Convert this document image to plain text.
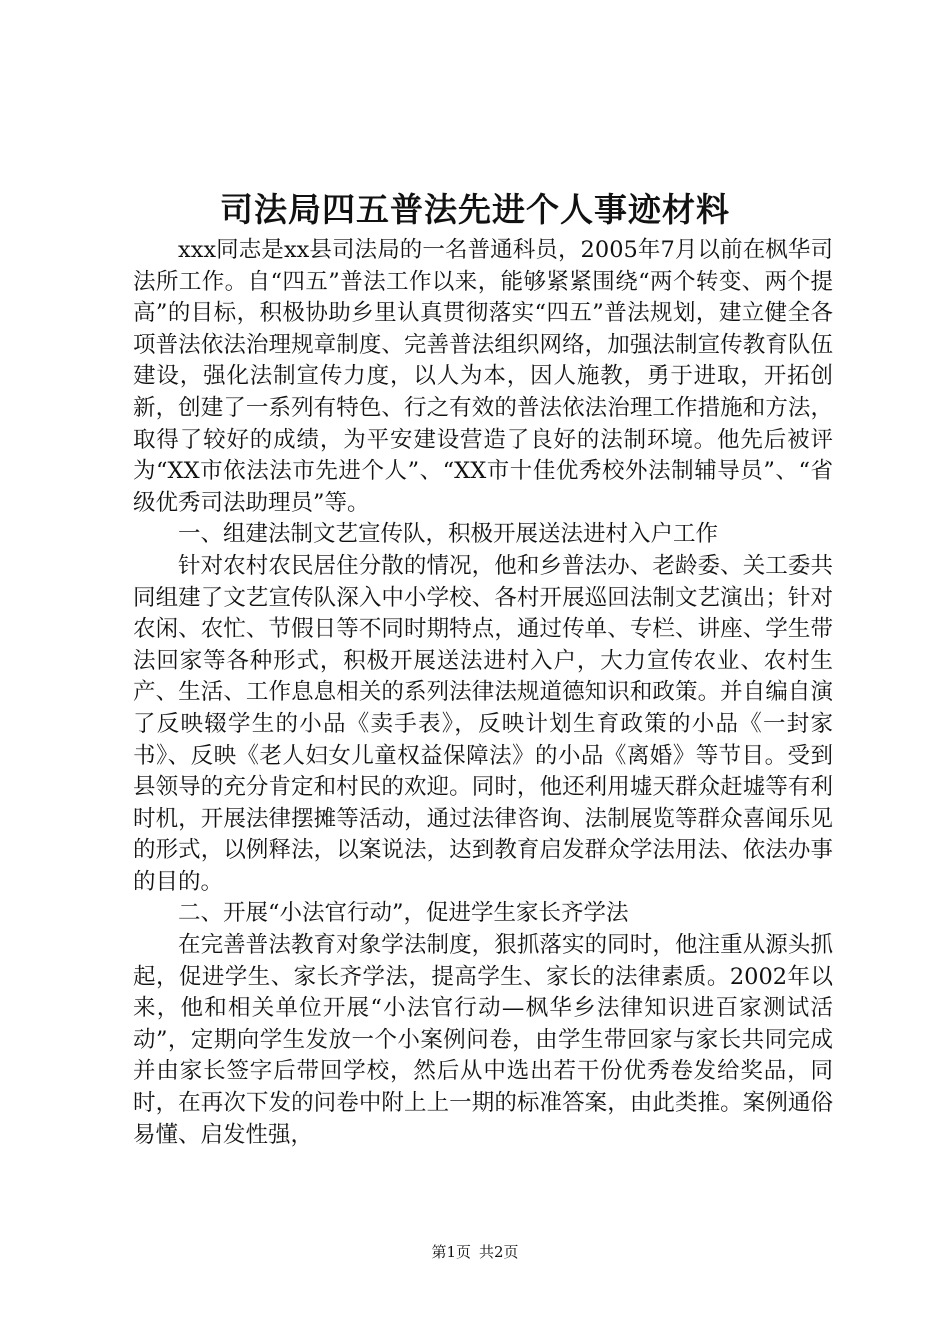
司法局四五普法先进个人事迹材料

xxx同志是xx县司法局的一名普通科员，2005年7月以前在枫华司法所工作。自“四五”普法工作以来，能够紧紧围绕“两个转变、两个提高”的目标，积极协助乡里认真贯彻落实“四五”普法规划，建立健全各项普法依法治理规章制度、完善普法组织网络，加强法制宣传教育队伍建设，强化法制宣传力度，以人为本，因人施教，勇于进取，开拓创新，创建了一系列有特色、行之有效的普法依法治理工作措施和方法，取得了较好的成绩，为平安建设营造了良好的法制环境。他先后被评为“XX市依法法市先进个人”、“XX市十佳优秀校外法制辅导员”、“省级优秀司法助理员”等。

一、组建法制文艺宣传队，积极开展送法进村入户工作

针对农村农民居住分散的情况，他和乡普法办、老龄委、关工委共同组建了文艺宣传队深入中小学校、各村开展巡回法制文艺演出；针对农闲、农忙、节假日等不同时期特点，通过传单、专栏、讲座、学生带法回家等各种形式，积极开展送法进村入户，大力宣传农业、农村生产、生活、工作息息相关的系列法律法规道德知识和政策。并自编自演了反映辍学生的小品《卖手表》，反映计划生育政策的小品《一封家书》、反映《老人妇女儿童权益保障法》的小品《离婚》等节目。受到县领导的充分肯定和村民的欢迎。同时，他还利用墟天群众赶墟等有利时机，开展法律摆摊等活动，通过法律咨询、法制展览等群众喜闻乐见的形式，以例释法，以案说法，达到教育启发群众学法用法、依法办事的目的。

二、开展“小法官行动”，促进学生家长齐学法

在完善普法教育对象学法制度，狠抓落实的同时，他注重从源头抓起，促进学生、家长齐学法，提高学生、家长的法律素质。2002年以来，他和相关单位开展“小法官行动—枫华乡法律知识进百家测试活动”，定期向学生发放一个小案例问卷，由学生带回家与家长共同完成并由家长签字后带回学校，然后从中选出若干份优秀卷发给奖品，同时，在再次下发的问卷中附上上一期的标准答案，由此类推。案例通俗易懂、启发性强，

第1页 共2页
